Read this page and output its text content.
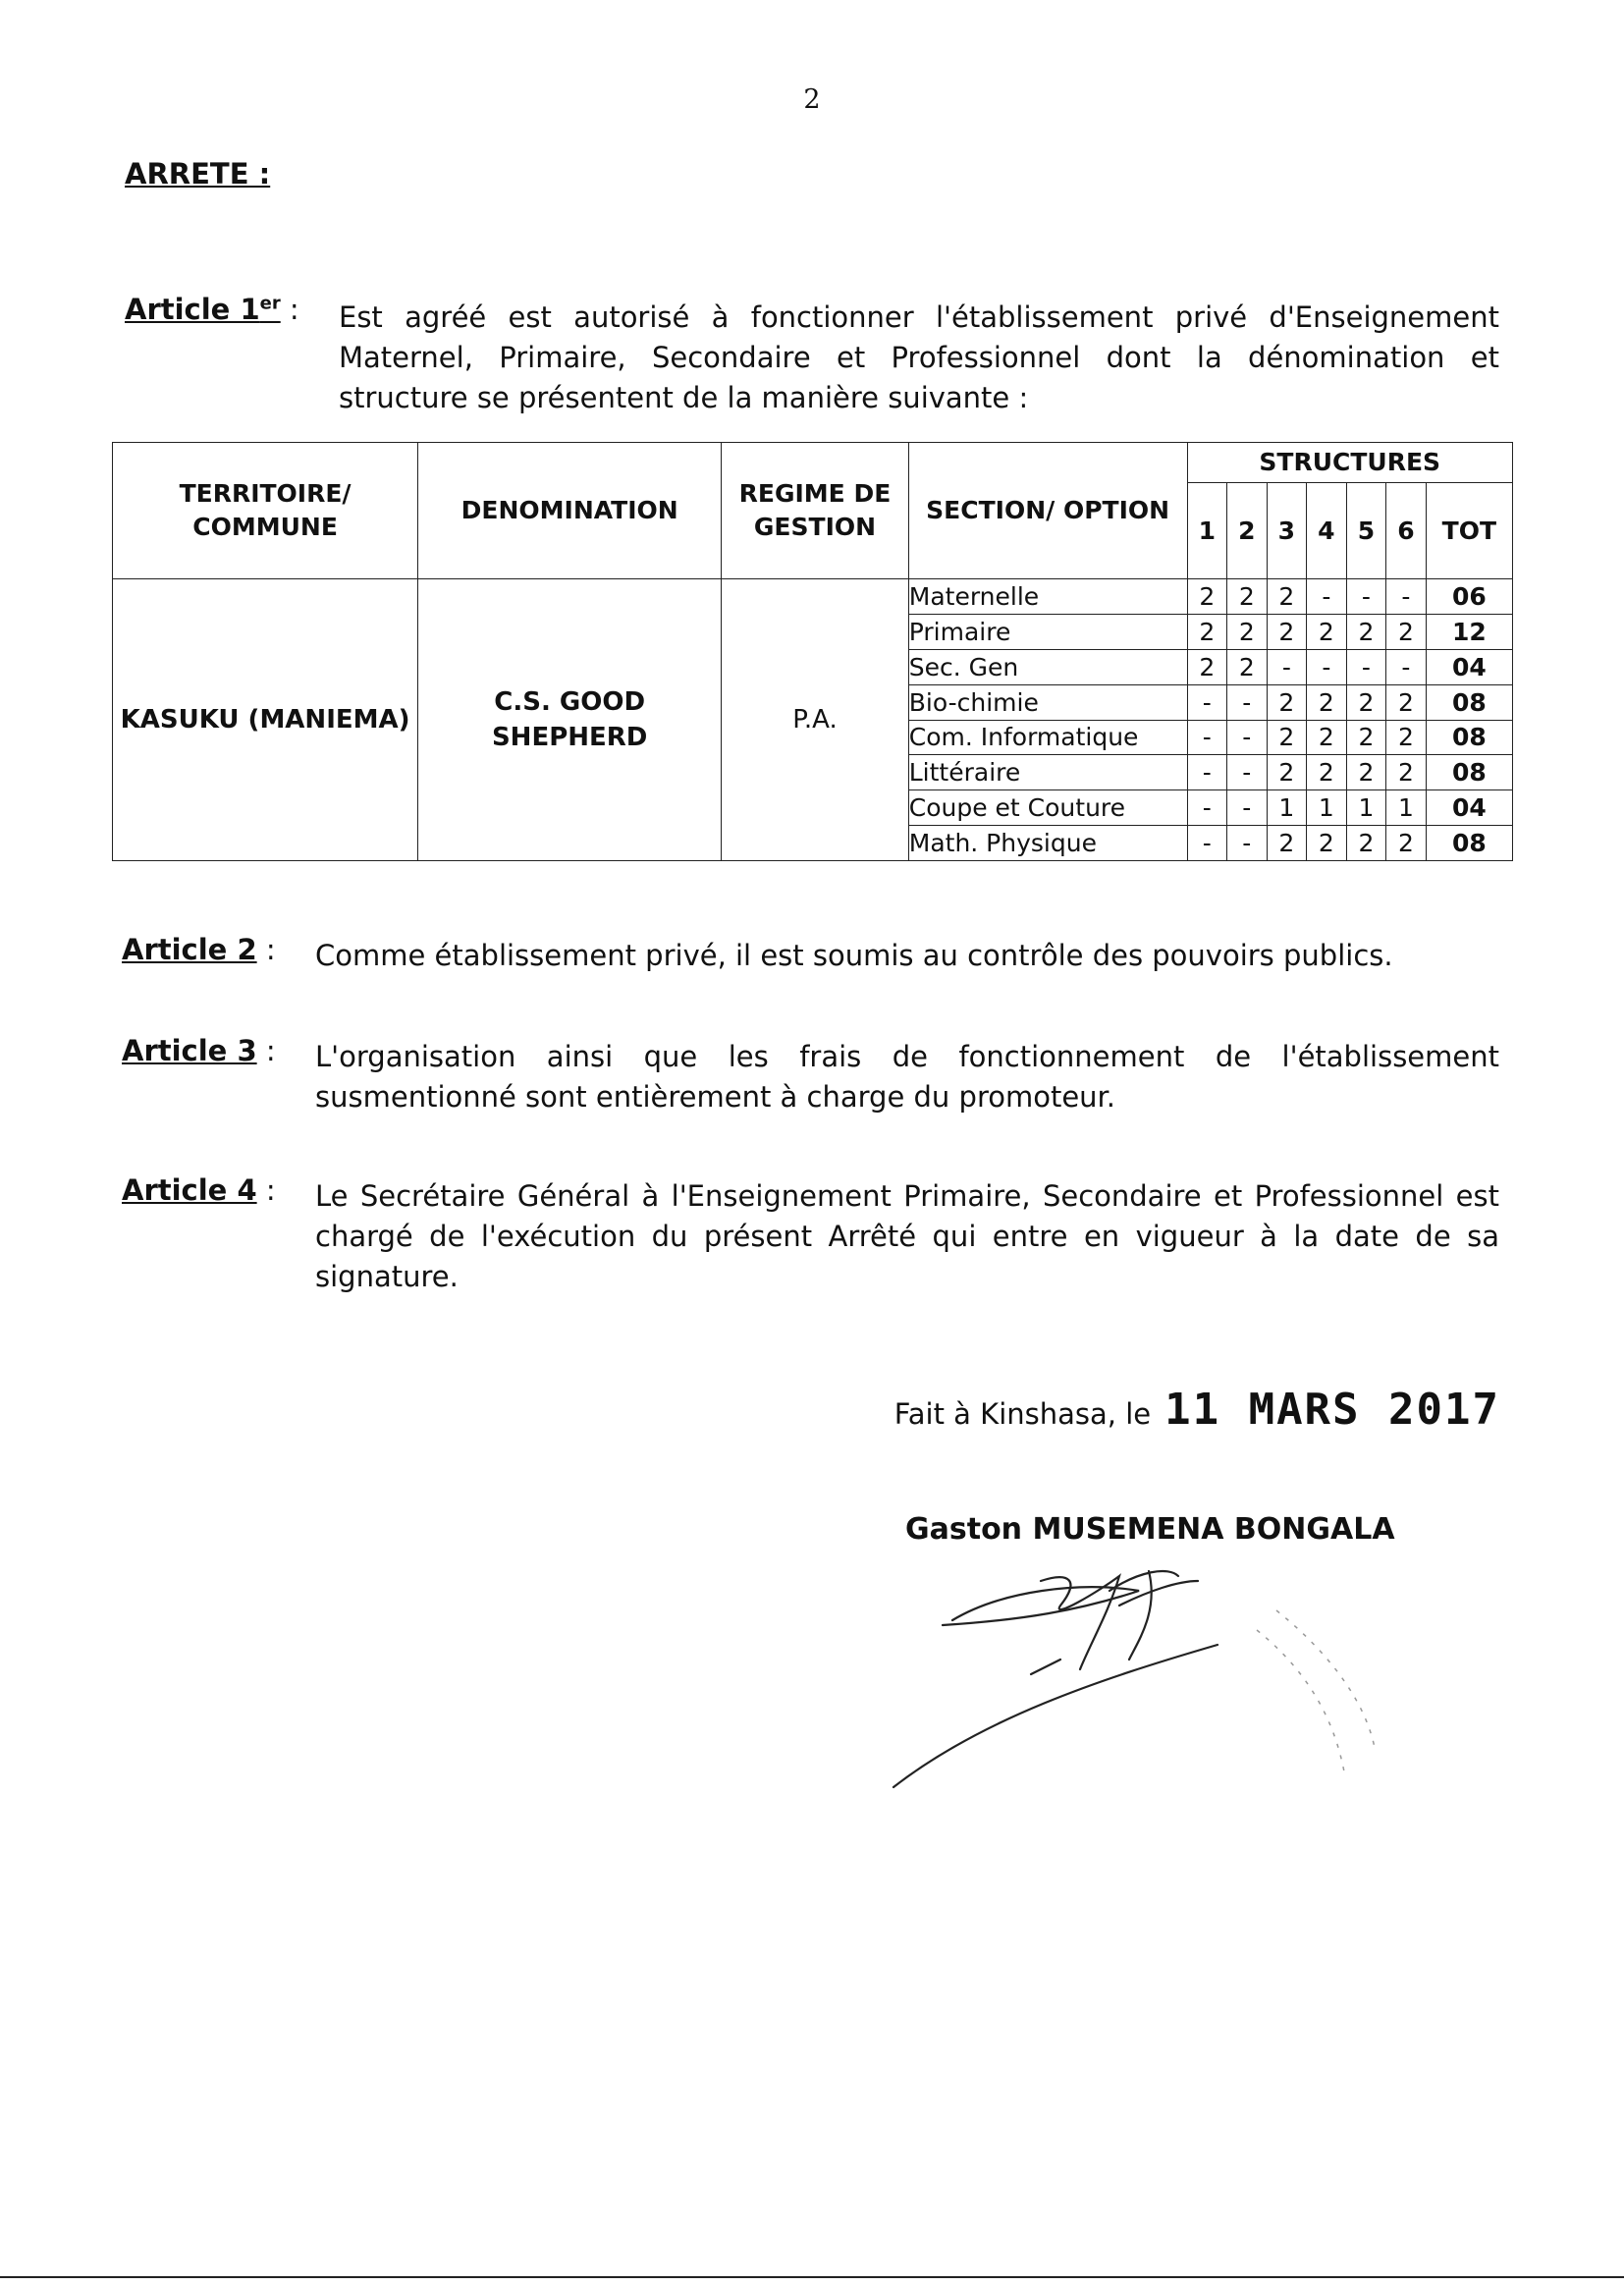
2
ARRETE :
Article 1er : Est agréé est autorisé à fonctionner l'établissement privé d'Enseignement Maternel, Primaire, Secondaire et Professionnel dont la dénomination et structure se présentent de la manière suivante :
TERRITOIRE/ COMMUNE	DENOMINATION	REGIME DE GESTION	SECTION/ OPTION	STRUCTURES						
				1	2	3	4	5	6	TOT
KASUKU (MANIEMA)	C.S. GOOD SHEPHERD	P.A.	Maternelle	2	2	2	-	-	-	06
			Primaire	2	2	2	2	2	2	12
			Sec. Gen	2	2	-	-	-	-	04
			Bio-chimie	-	-	2	2	2	2	08
			Com. Informatique	-	-	2	2	2	2	08
			Littéraire	-	-	2	2	2	2	08
			Coupe et Couture	-	-	1	1	1	1	04
			Math. Physique	-	-	2	2	2	2	08
Article 2 : Comme établissement privé, il est soumis au contrôle des pouvoirs publics.
Article 3 : L'organisation ainsi que les frais de fonctionnement de l'établissement susmentionné sont entièrement à charge du promoteur.
Article 4 : Le Secrétaire Général à l'Enseignement Primaire, Secondaire et Professionnel est chargé de l'exécution du présent Arrêté qui entre en vigueur à la date de sa signature.
Fait à Kinshasa, le 11 MARS 2017
Gaston MUSEMENA BONGALA
